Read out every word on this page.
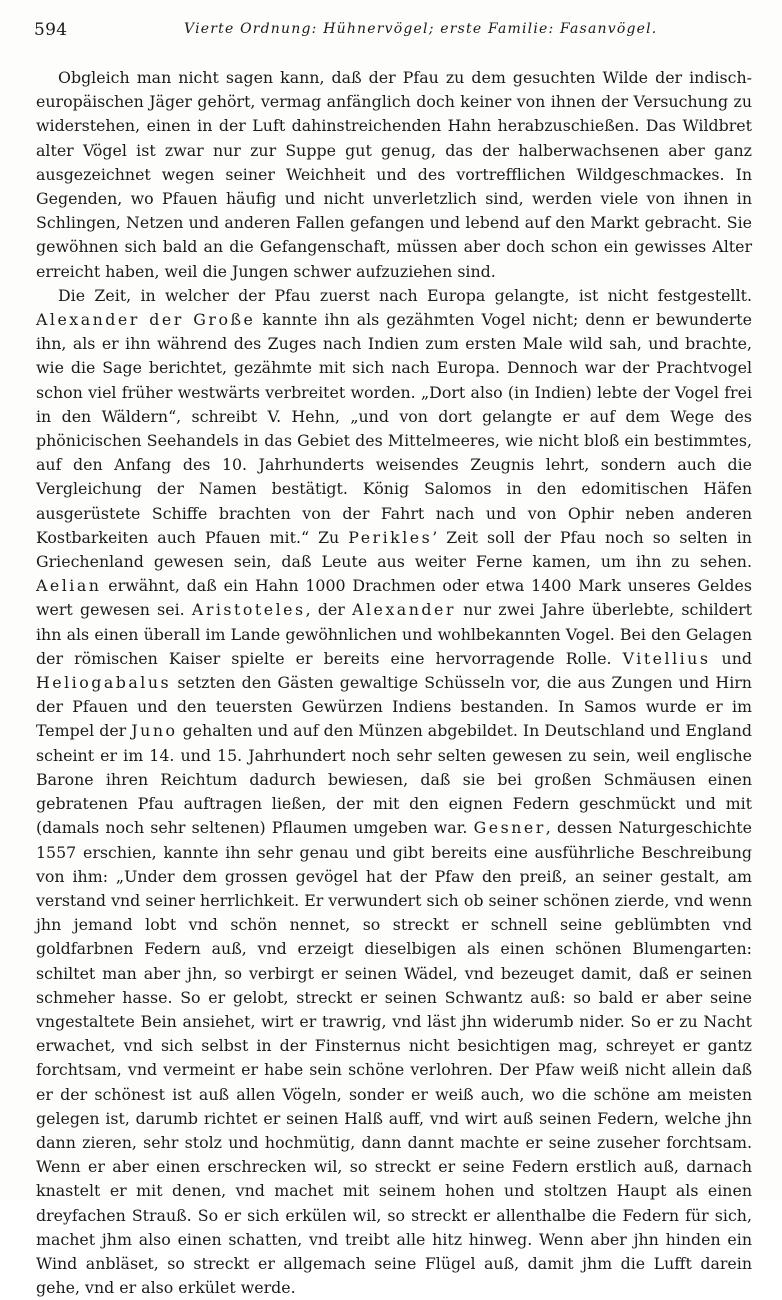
594	Vierte Ordnung: Hühnervögel; erste Familie: Fasanvögel.

Obgleich man nicht sagen kann, daß der Pfau zu dem gesuchten Wilde der indisch-europäischen Jäger gehört, vermag anfänglich doch keiner von ihnen der Versuchung zu widerstehen, einen in der Luft dahinstreichenden Hahn herabzuschießen. Das Wildbret alter Vögel ist zwar nur zur Suppe gut genug, das der halberwachsenen aber ganz ausgezeichnet wegen seiner Weichheit und des vortrefflichen Wildgeschmackes. In Gegenden, wo Pfauen häufig und nicht unverletzlich sind, werden viele von ihnen in Schlingen, Netzen und anderen Fallen gefangen und lebend auf den Markt gebracht. Sie gewöhnen sich bald an die Gefangenschaft, müssen aber doch schon ein gewisses Alter erreicht haben, weil die Jungen schwer aufzuziehen sind.

Die Zeit, in welcher der Pfau zuerst nach Europa gelangte, ist nicht festgestellt. Alexander der Große kannte ihn als gezähmten Vogel nicht; denn er bewunderte ihn, als er ihn während des Zuges nach Indien zum ersten Male wild sah, und brachte, wie die Sage berichtet, gezähmte mit sich nach Europa. Dennoch war der Prachtvogel schon viel früher westwärts verbreitet worden. „Dort also (in Indien) lebte der Vogel frei in den Wäldern“, schreibt V. Hehn, „und von dort gelangte er auf dem Wege des phönicischen Seehandels in das Gebiet des Mittelmeeres, wie nicht bloß ein bestimmtes, auf den Anfang des 10. Jahrhunderts weisendes Zeugnis lehrt, sondern auch die Vergleichung der Namen bestätigt. König Salomos in den edomitischen Häfen ausgerüstete Schiffe brachten von der Fahrt nach und von Ophir neben anderen Kostbarkeiten auch Pfauen mit.“ Zu Perikles’ Zeit soll der Pfau noch so selten in Griechenland gewesen sein, daß Leute aus weiter Ferne kamen, um ihn zu sehen. Aelian erwähnt, daß ein Hahn 1000 Drachmen oder etwa 1400 Mark unseres Geldes wert gewesen sei. Aristoteles, der Alexander nur zwei Jahre überlebte, schildert ihn als einen überall im Lande gewöhnlichen und wohlbekannten Vogel. Bei den Gelagen der römischen Kaiser spielte er bereits eine hervorragende Rolle. Vitellius und Heliogabalus setzten den Gästen gewaltige Schüsseln vor, die aus Zungen und Hirn der Pfauen und den teuersten Gewürzen Indiens bestanden. In Samos wurde er im Tempel der Juno gehalten und auf den Münzen abgebildet. In Deutschland und England scheint er im 14. und 15. Jahrhundert noch sehr selten gewesen zu sein, weil englische Barone ihren Reichtum dadurch bewiesen, daß sie bei großen Schmäusen einen gebratenen Pfau auftragen ließen, der mit den eignen Federn geschmückt und mit (damals noch sehr seltenen) Pflaumen umgeben war. Gesner, dessen Naturgeschichte 1557 erschien, kannte ihn sehr genau und gibt bereits eine ausführliche Beschreibung von ihm: „Under dem grossen gevögel hat der Pfaw den preiß, an seiner gestalt, am verstand vnd seiner herrlichkeit. Er verwundert sich ob seiner schönen zierde, vnd wenn jhn jemand lobt vnd schön nennet, so streckt er schnell seine geblümbten vnd goldfarbnen Federn auß, vnd erzeigt dieselbigen als einen schönen Blumengarten: schiltet man aber jhn, so verbirgt er seinen Wädel, vnd bezeuget damit, daß er seinen schmeher hasse. So er gelobt, streckt er seinen Schwantz auß: so bald er aber seine vngestaltete Bein ansiehet, wirt er trawrig, vnd läst jhn widerumb nider. So er zu Nacht erwachet, vnd sich selbst in der Finsternus nicht besichtigen mag, schreyet er gantz forchtsam, vnd vermeint er habe sein schöne verlohren. Der Pfaw weiß nicht allein daß er der schönest ist auß allen Vögeln, sonder er weiß auch, wo die schöne am meisten gelegen ist, darumb richtet er seinen Halß auff, vnd wirt auß seinen Federn, welche jhn dann zieren, sehr stolz und hochmütig, dann dannt machte er seine zuseher forchtsam. Wenn er aber einen erschrecken wil, so streckt er seine Federn erstlich auß, darnach knastelt er mit denen, vnd machet mit seinem hohen und stoltzen Haupt als einen dreyfachen Strauß. So er sich erkülen wil, so streckt er allenthalbe die Federn für sich, machet jhm also einen schatten, vnd treibt alle hitz hinweg. Wenn aber jhn hinden ein Wind anbläset, so streckt er allgemach seine Flügel auß, damit jhm die Lufft darein gehe, vnd er also erkület werde.
